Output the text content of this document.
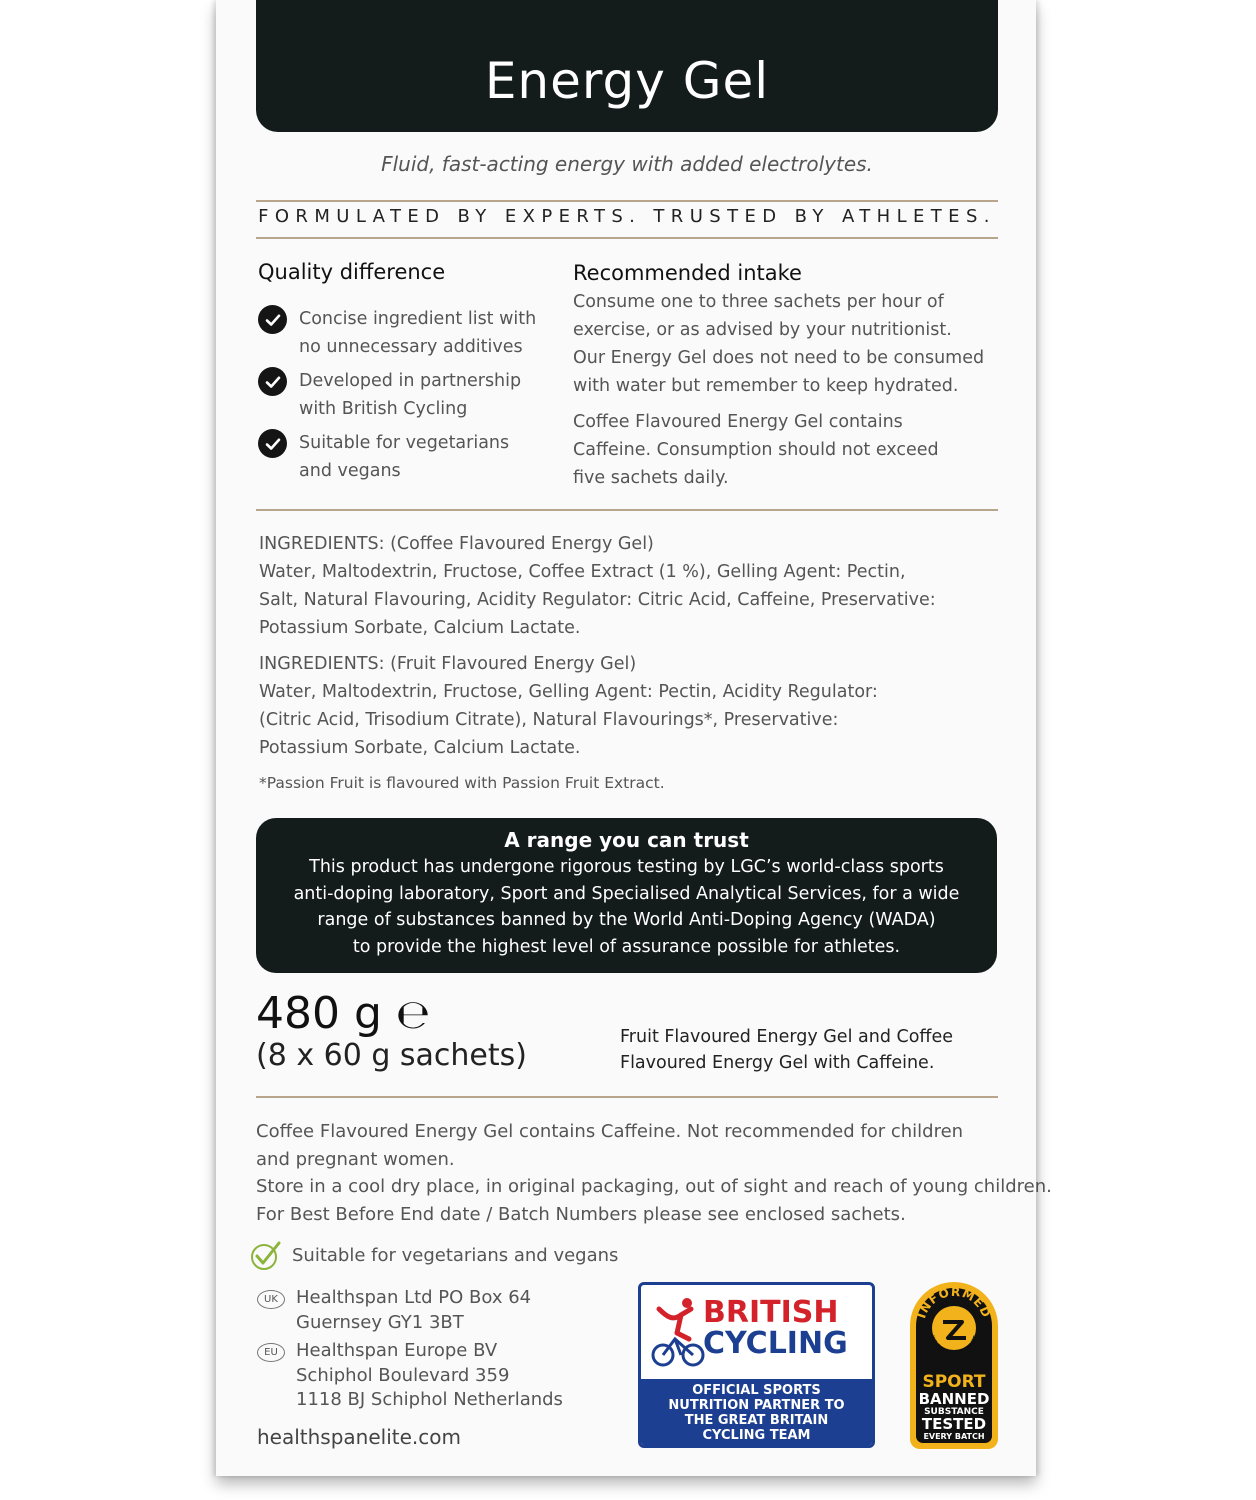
Energy Gel
Fluid, fast-acting energy with added electrolytes.
FORMULATED BY EXPERTS. TRUSTED BY ATHLETES.
Quality difference
Concise ingredient list with
no unnecessary additives
Developed in partnership
with British Cycling
Suitable for vegetarians
and vegans
Recommended intake
Consume one to three sachets per hour of
exercise, or as advised by your nutritionist.
Our Energy Gel does not need to be consumed
with water but remember to keep hydrated.
Coffee Flavoured Energy Gel contains
Caffeine. Consumption should not exceed
five sachets daily.
INGREDIENTS: (Coffee Flavoured Energy Gel)
Water, Maltodextrin, Fructose, Coffee Extract (1 %), Gelling Agent: Pectin,
Salt, Natural Flavouring, Acidity Regulator: Citric Acid, Caffeine, Preservative:
Potassium Sorbate, Calcium Lactate.
INGREDIENTS: (Fruit Flavoured Energy Gel)
Water, Maltodextrin, Fructose, Gelling Agent: Pectin, Acidity Regulator:
(Citric Acid, Trisodium Citrate), Natural Flavourings*, Preservative:
Potassium Sorbate, Calcium Lactate.
*Passion Fruit is flavoured with Passion Fruit Extract.
A range you can trust
This product has undergone rigorous testing by LGC’s world-class sports
anti-doping laboratory, Sport and Specialised Analytical Services, for a wide
range of substances banned by the World Anti-Doping Agency (WADA)
to provide the highest level of assurance possible for athletes.
480 g ℮
(8 x 60 g sachets)
Fruit Flavoured Energy Gel and Coffee
Flavoured Energy Gel with Caffeine.
Coffee Flavoured Energy Gel contains Caffeine. Not recommended for children
and pregnant women.
Store in a cool dry place, in original packaging, out of sight and reach of young children.
For Best Before End date / Batch Numbers please see enclosed sachets.
Suitable for vegetarians and vegans
UK	Healthspan Ltd PO Box 64
Guernsey GY1 3BT
EU	Healthspan Europe BV
Schiphol Boulevard 359
1118 BJ Schiphol Netherlands
healthspanelite.com
BRITISH
CYCLING
OFFICIAL SPORTS
NUTRITION PARTNER TO
THE GREAT BRITAIN
CYCLING TEAM
INFORMED
WE TEST · YOU TRUST
SPORT
BANNED
SUBSTANCE
TESTED
EVERY BATCH
